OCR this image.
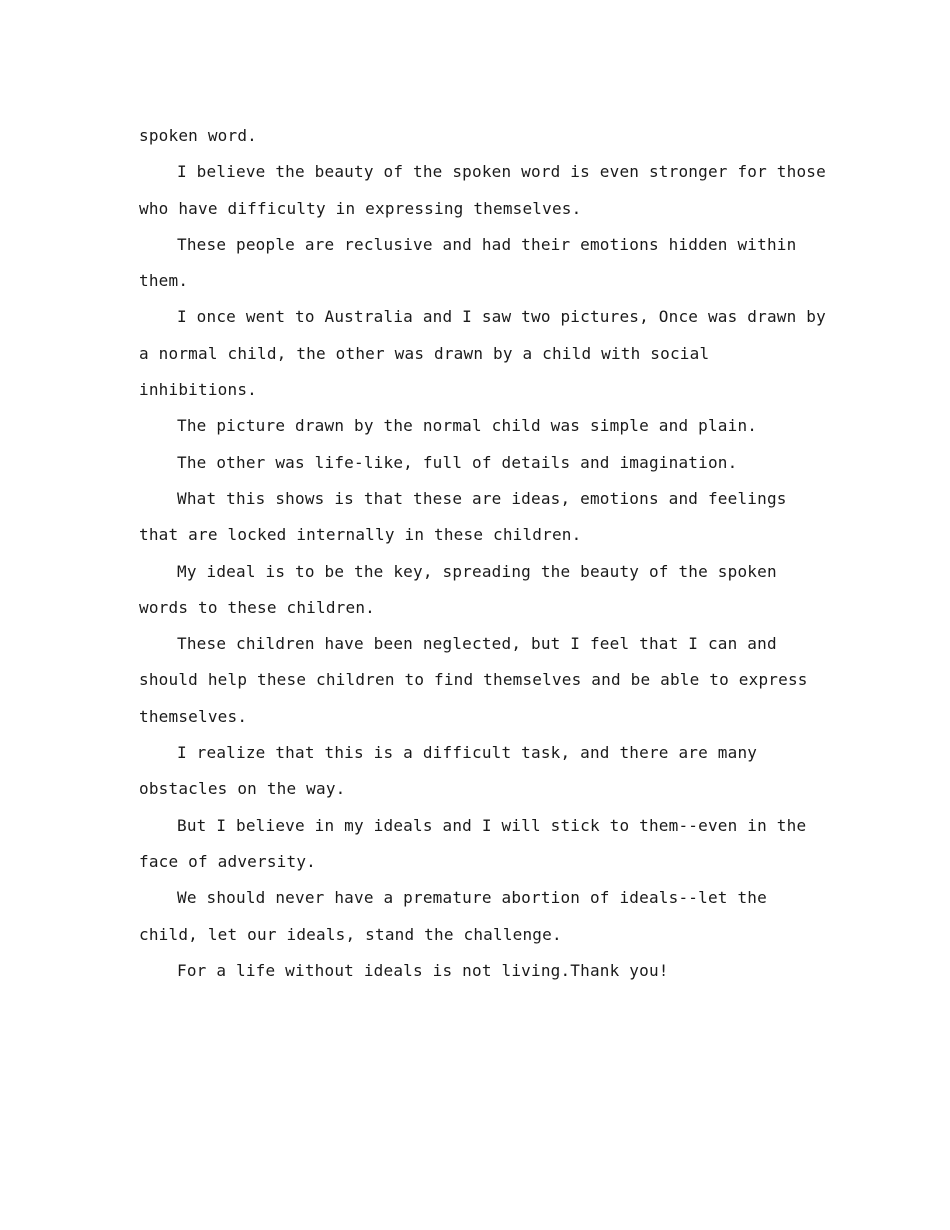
spoken word.

I believe the beauty of the spoken word is even stronger for those who have difficulty in expressing themselves.

These people are reclusive and had their emotions hidden within them.

I once went to Australia and I saw two pictures, Once was drawn by a normal child, the other was drawn by a child with social inhibitions.

The picture drawn by the normal child was simple and plain.

The other was life-like, full of details and imagination.

What this shows is that these are ideas, emotions and feelings that are locked internally in these children.

My ideal is to be the key, spreading the beauty of the spoken words to these children.

These children have been neglected, but I feel that I can and should help these children to find themselves and be able to express themselves.

I realize that this is a difficult task, and there are many obstacles on the way.

But I believe in my ideals and I will stick to them--even in the face of adversity.

We should never have a premature abortion of ideals--let the child, let our ideals, stand the challenge.

For a life without ideals is not living.Thank you!
